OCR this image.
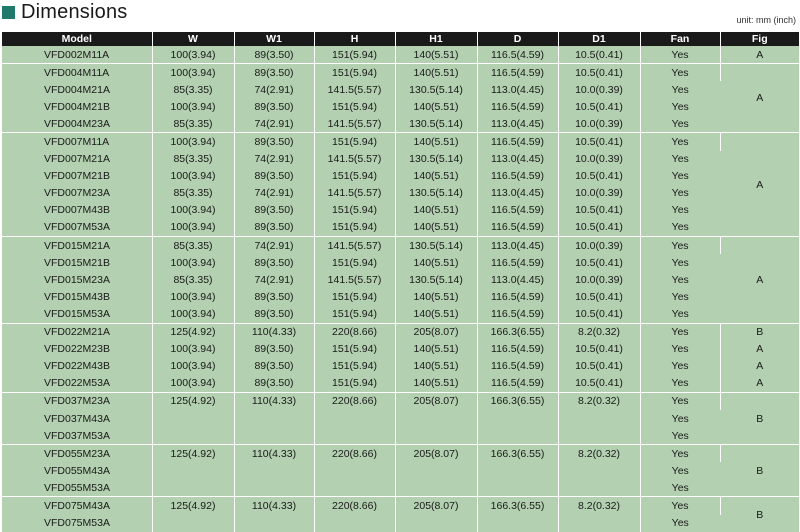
Dimensions	unit: mm (inch)
Model	W	W1	H	H1	D	D1	Fan	Fig
VFD002M11A	100(3.94)	89(3.50)	151(5.94)	140(5.51)	116.5(4.59)	10.5(0.41)	Yes	A
VFD004M11A	100(3.94)	89(3.50)	151(5.94)	140(5.51)	116.5(4.59)	10.5(0.41)	Yes	A
VFD004M21A	85(3.35)	74(2.91)	141.5(5.57)	130.5(5.14)	113.0(4.45)	10.0(0.39)	Yes	
VFD004M21B	100(3.94)	89(3.50)	151(5.94)	140(5.51)	116.5(4.59)	10.5(0.41)	Yes	
VFD004M23A	85(3.35)	74(2.91)	141.5(5.57)	130.5(5.14)	113.0(4.45)	10.0(0.39)	Yes	
VFD007M11A	100(3.94)	89(3.50)	151(5.94)	140(5.51)	116.5(4.59)	10.5(0.41)	Yes	A
VFD007M21A	85(3.35)	74(2.91)	141.5(5.57)	130.5(5.14)	113.0(4.45)	10.0(0.39)	Yes	
VFD007M21B	100(3.94)	89(3.50)	151(5.94)	140(5.51)	116.5(4.59)	10.5(0.41)	Yes	
VFD007M23A	85(3.35)	74(2.91)	141.5(5.57)	130.5(5.14)	113.0(4.45)	10.0(0.39)	Yes	
VFD007M43B	100(3.94)	89(3.50)	151(5.94)	140(5.51)	116.5(4.59)	10.5(0.41)	Yes	
VFD007M53A	100(3.94)	89(3.50)	151(5.94)	140(5.51)	116.5(4.59)	10.5(0.41)	Yes	
VFD015M21A	85(3.35)	74(2.91)	141.5(5.57)	130.5(5.14)	113.0(4.45)	10.0(0.39)	Yes	A
VFD015M21B	100(3.94)	89(3.50)	151(5.94)	140(5.51)	116.5(4.59)	10.5(0.41)	Yes	
VFD015M23A	85(3.35)	74(2.91)	141.5(5.57)	130.5(5.14)	113.0(4.45)	10.0(0.39)	Yes	
VFD015M43B	100(3.94)	89(3.50)	151(5.94)	140(5.51)	116.5(4.59)	10.5(0.41)	Yes	
VFD015M53A	100(3.94)	89(3.50)	151(5.94)	140(5.51)	116.5(4.59)	10.5(0.41)	Yes	
VFD022M21A	125(4.92)	110(4.33)	220(8.66)	205(8.07)	166.3(6.55)	8.2(0.32)	Yes	B
VFD022M23B	100(3.94)	89(3.50)	151(5.94)	140(5.51)	116.5(4.59)	10.5(0.41)	Yes	A
VFD022M43B	100(3.94)	89(3.50)	151(5.94)	140(5.51)	116.5(4.59)	10.5(0.41)	Yes	A
VFD022M53A	100(3.94)	89(3.50)	151(5.94)	140(5.51)	116.5(4.59)	10.5(0.41)	Yes	A
VFD037M23A	125(4.92)	110(4.33)	220(8.66)	205(8.07)	166.3(6.55)	8.2(0.32)	Yes	B
VFD037M43A							Yes	
VFD037M53A							Yes	
VFD055M23A	125(4.92)	110(4.33)	220(8.66)	205(8.07)	166.3(6.55)	8.2(0.32)	Yes	B
VFD055M43A							Yes	
VFD055M53A							Yes	
VFD075M43A	125(4.92)	110(4.33)	220(8.66)	205(8.07)	166.3(6.55)	8.2(0.32)	Yes	B
VFD075M53A							Yes	
